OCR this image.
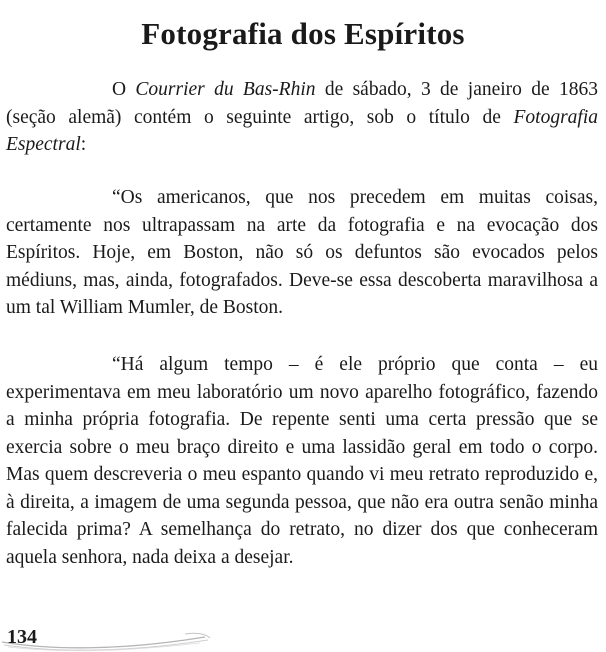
Fotografia dos Espíritos

O Courrier du Bas-Rhin de sábado, 3 de janeiro de 1863 (seção alemã) contém o seguinte artigo, sob o título de Fotografia Espectral:

“Os americanos, que nos precedem em muitas coisas, certamente nos ultrapassam na arte da fotografia e na evocação dos Espíritos. Hoje, em Boston, não só os defuntos são evocados pelos médiuns, mas, ainda, fotografados. Deve-se essa descoberta maravilhosa a um tal William Mumler, de Boston.

“Há algum tempo – é ele próprio que conta – eu experimentava em meu laboratório um novo aparelho fotográfico, fazendo a minha própria fotografia. De repente senti uma certa pressão que se exercia sobre o meu braço direito e uma lassidão geral em todo o corpo. Mas quem descreveria o meu espanto quando vi meu retrato reproduzido e, à direita, a imagem de uma segunda pessoa, que não era outra senão minha falecida prima? A semelhança do retrato, no dizer dos que conheceram aquela senhora, nada deixa a desejar.

134
